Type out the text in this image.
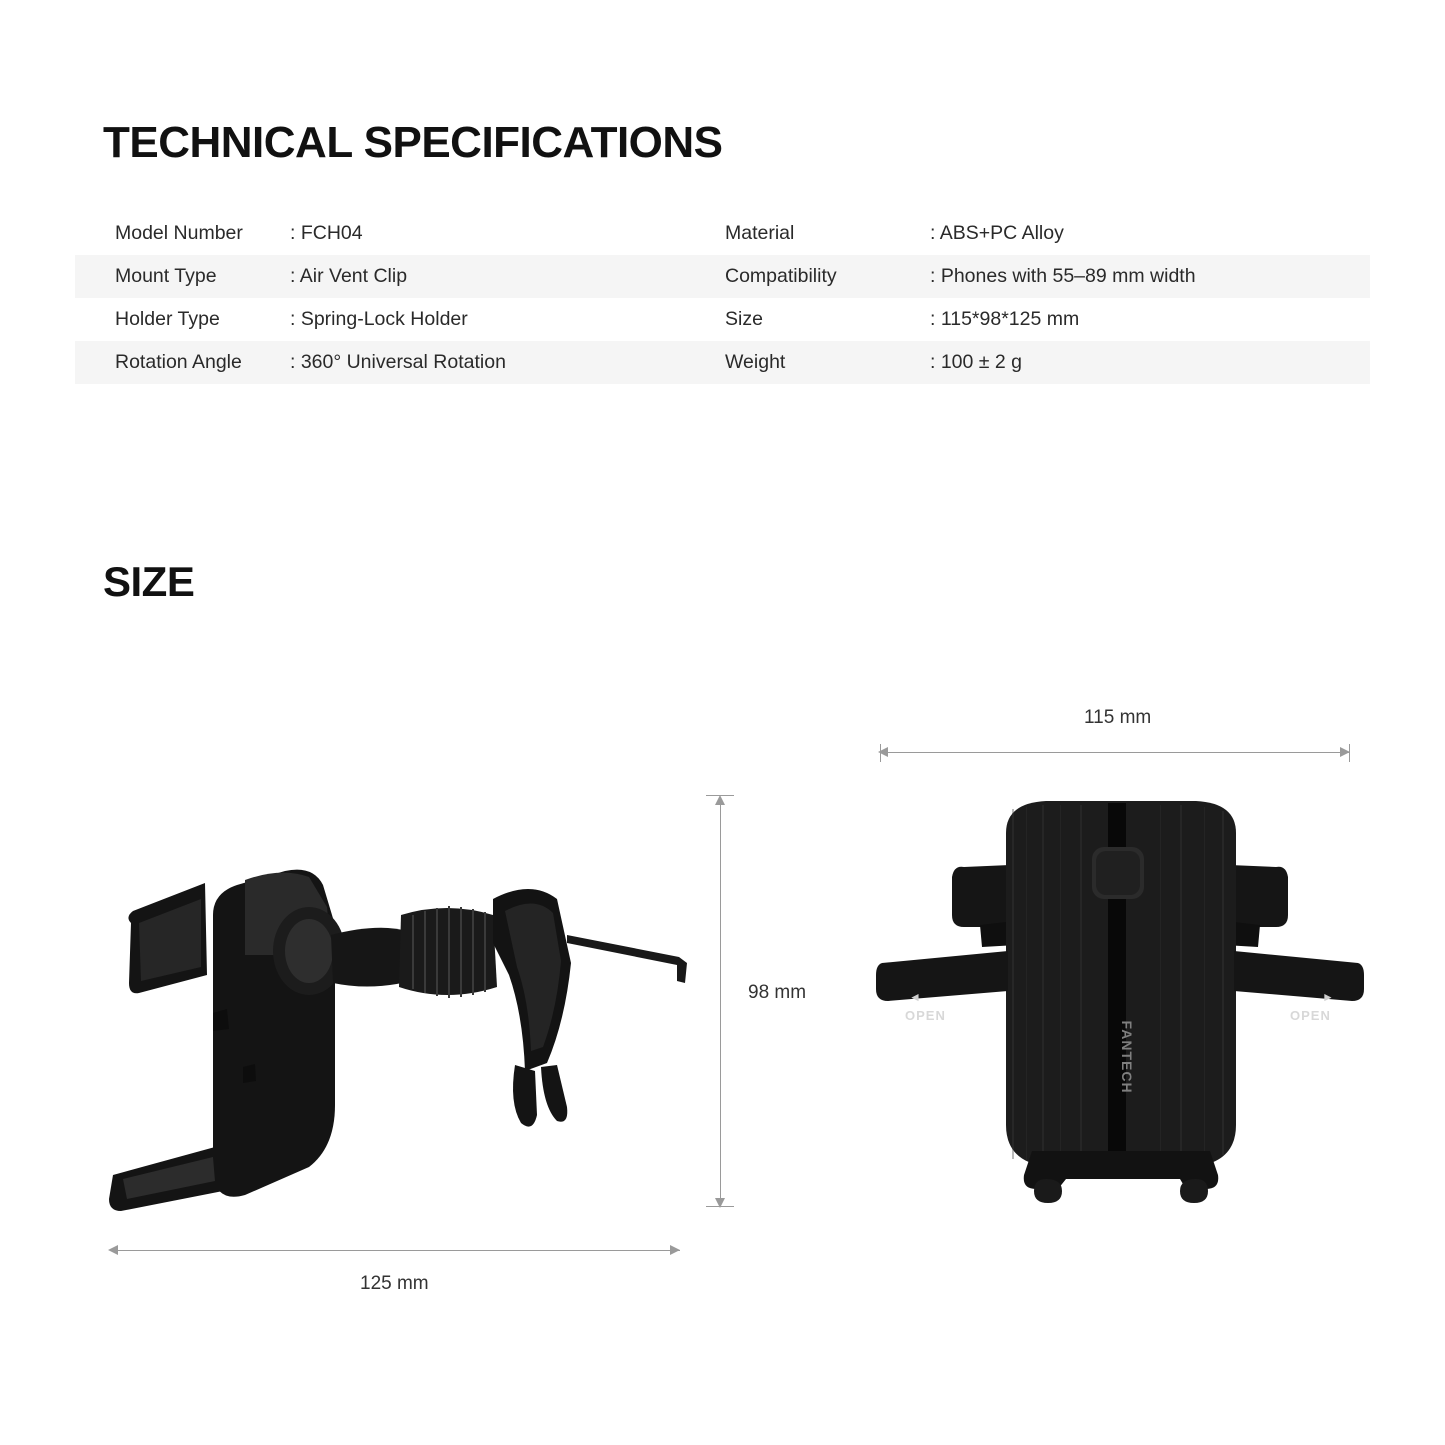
TECHNICAL SPECIFICATIONS
Model Number	: FCH04	Material	: ABS+PC Alloy
Mount Type	: Air Vent Clip	Compatibility	: Phones with 55–89 mm width
Holder Type	: Spring-Lock Holder	Size	: 115*98*125 mm
Rotation Angle	: 360° Universal Rotation	Weight	: 100 ± 2 g
SIZE
98 mm
125 mm
115 mm
FANTECH
OPEN	OPEN
◄	►
